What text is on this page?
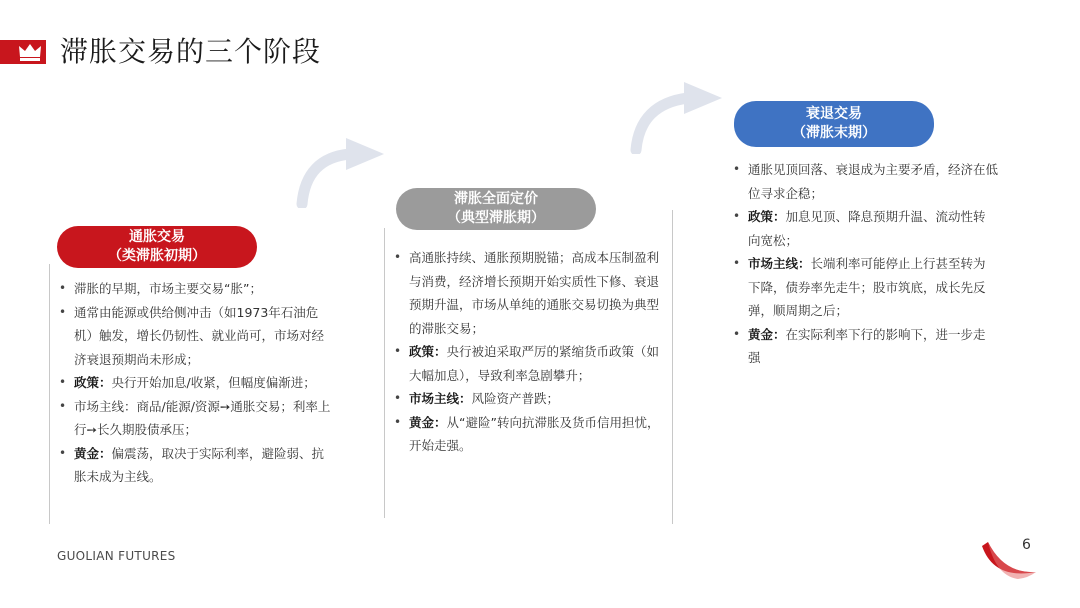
滞胀交易的三个阶段
通胀交易
（类滞胀初期）
• 滞胀的早期，市场主要交易“胀”；
• 通常由能源或供给侧冲击（如1973年石油危机）触发，增长仍韧性、就业尚可，市场对经济衰退预期尚未形成；
• 政策：央行开始加息/收紧，但幅度偏渐进；
• 市场主线：商品/能源/资源➙通胀交易；利率上行➙长久期股债承压；
• 黄金：偏震荡，取决于实际利率，避险弱、抗胀未成为主线。
滞胀全面定价
（典型滞胀期）
• 高通胀持续、通胀预期脱锚；高成本压制盈利与消费，经济增长预期开始实质性下修、衰退预期升温，市场从单纯的通胀交易切换为典型的滞胀交易；
• 政策：央行被迫采取严厉的紧缩货币政策（如大幅加息），导致利率急剧攀升；
• 市场主线：风险资产普跌；
• 黄金：从“避险”转向抗滞胀及货币信用担忧，开始走强。
衰退交易
（滞胀末期）
• 通胀见顶回落、衰退成为主要矛盾，经济在低位寻求企稳；
• 政策：加息见顶、降息预期升温、流动性转向宽松；
• 市场主线：长端利率可能停止上行甚至转为下降，债券率先走牛；股市筑底，成长先反弹，顺周期之后；
• 黄金：在实际利率下行的影响下，进一步走强
GUOLIAN FUTURES
6
